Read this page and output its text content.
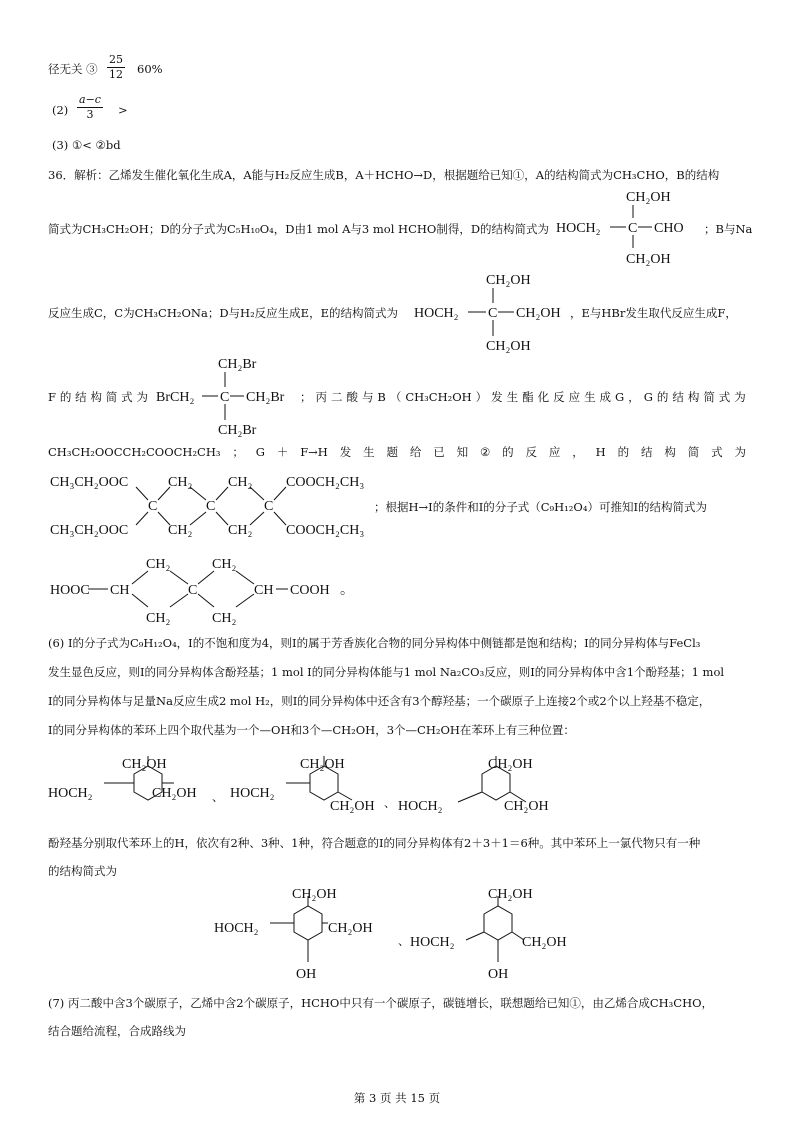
径无关 ③
25
12 60%
(2)
a−c
3	>
(3) ①< ②bd
36．解析：乙烯发生催化氧化生成A，A能与H₂反应生成B，A＋HCHO→D，根据题给已知①，A的结构简式为CH₃CHO，B的结构
简式为CH₃CH₂OH；D的分子式为C₅H₁₀O₄，D由1 mol A与3 mol HCHO制得，D的结构简式为
CH₂OH
HOCH₂ C CHO
CH₂OH
；B与Na
反应生成C，C为CH₃CH₂ONa；D与H₂反应生成E，E的结构简式为
CH₂OH
HOCH₂ C CH₂OH
CH₂OH
，E与HBr发生取代反应生成F，
F 的 结 构 简 式 为
CH₂Br
BrCH₂ C CH₂Br
CH₂Br
； 丙 二 酸 与 B （ CH₃CH₂OH ） 发 生 酯 化 反 应 生 成 G ， G 的 结 构 简 式 为
CH₃CH₂OOCCH₂COOCH₂CH₃ ； G ＋ F→H 发 生 题 给 已 知 ② 的 反 应 ， H 的 结 构 简 式 为
CH₃CH₂OOC
CH₃CH₂OOC
C
CH₂
CH₂
C
CH₂
CH₂
C
COOCH₂CH₃
COOCH₂CH₃
；根据H→I的条件和I的分子式（C₉H₁₂O₄）可推知I的结构简式为
CH₂
HOOC CH
CH₂
C
CH₂
CH₂
CH COOH 。
(6) I的分子式为C₉H₁₂O₄，I的不饱和度为4，则I的属于芳香族化合物的同分异构体中侧链都是饱和结构；I的同分异构体与FeCl₃
发生显色反应，则I的同分异构体含酚羟基；1 mol I的同分异构体能与1 mol Na₂CO₃反应，则I的同分异构体中含1个酚羟基；1 mol
I的同分异构体与足量Na反应生成2 mol H₂，则I的同分异构体中还含有3个醇羟基；一个碳原子上连接2个或2个以上羟基不稳定，
I的同分异构体的苯环上四个取代基为一个—OH和3个—CH₂OH，3个—CH₂OH在苯环上有三种位置：
CH₂OH
HOCH₂	CH₂OH 、
CH₂OH
HOCH₂
CH₂OH 、
CH₂OH
HOCH₂	CH₂OH
酚羟基分别取代苯环上的H，依次有2种、3种、1种，符合题意的I的同分异构体有2＋3＋1＝6种。其中苯环上一氯代物只有一种
的结构简式为
CH₂OH
HOCH₂	CH₂OH
OH
、
CH₂OH
HOCH₂	CH₂OH
OH
(7) 丙二酸中含3个碳原子，乙烯中含2个碳原子，HCHO中只有一个碳原子，碳链增长，联想题给已知①，由乙烯合成CH₃CHO，
结合题给流程，合成路线为
第 3 页 共 15 页
